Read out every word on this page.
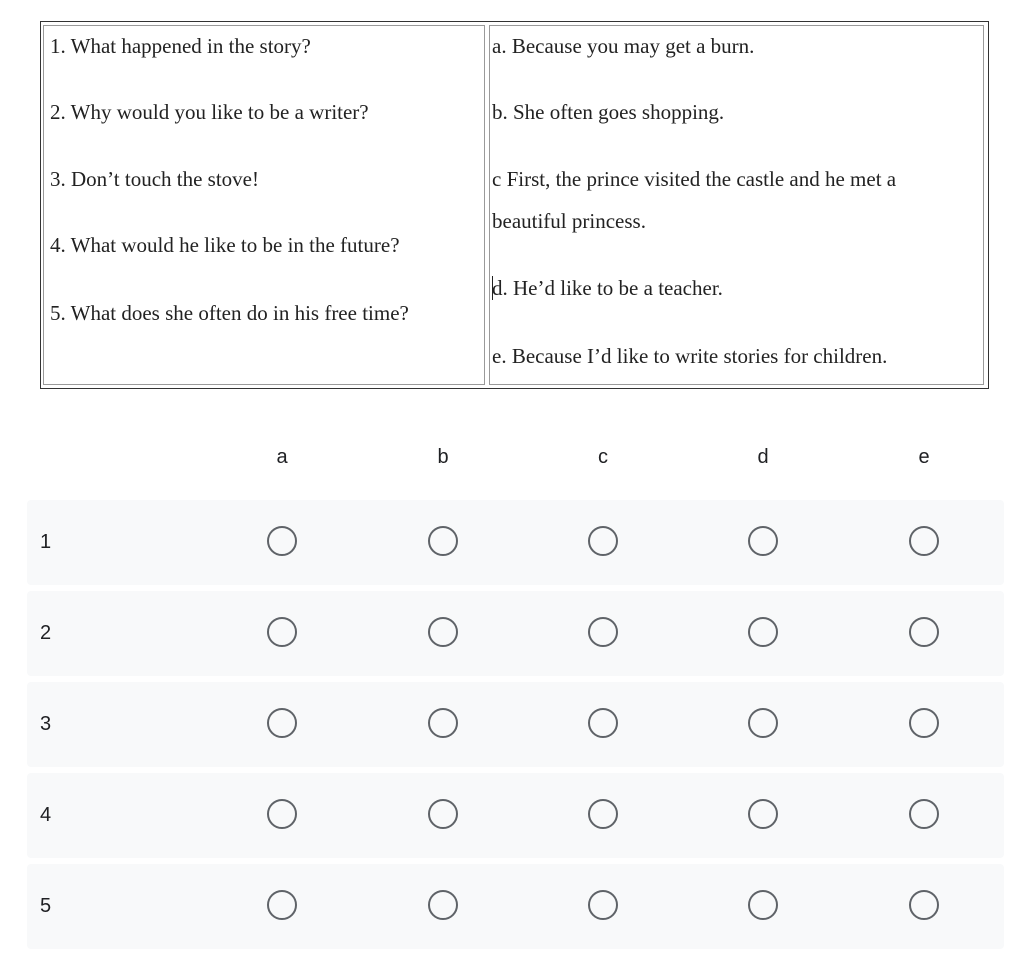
1. What happened in the story?
2. Why would you like to be a writer?
3. Don’t touch the stove!
4. What would he like to be in the future?
5. What does she often do in his free time?
a. Because you may get a burn.
b. She often goes shopping.
c First, the prince visited the castle and he met a
beautiful princess.
d. He’d like to be a teacher.
e. Because I’d like to write stories for children.
a	b	c	d	e
1
2
3
4
5
